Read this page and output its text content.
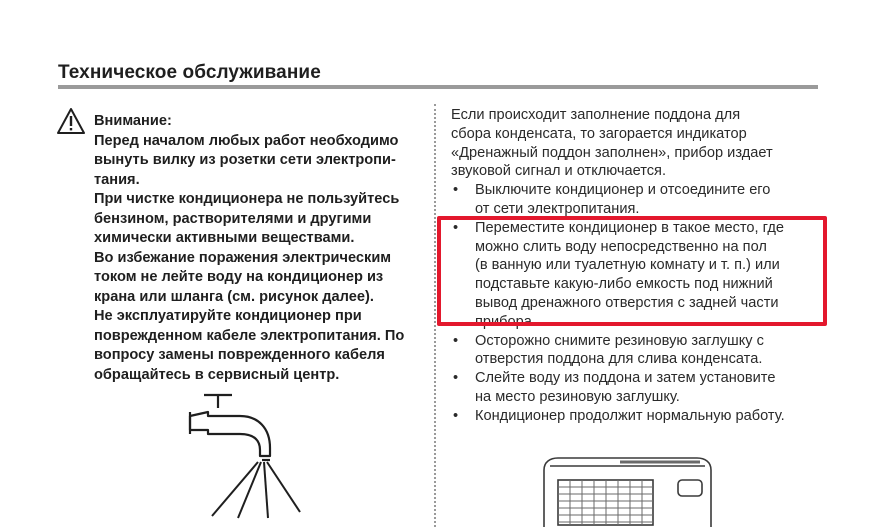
Техническое обслуживание
Внимание:
Перед началом любых работ необходимо
вынуть вилку из розетки сети электропи-
тания.
При чистке кондиционера не пользуйтесь
бензином, растворителями и другими
химически активными веществами.
Во избежание поражения электрическим
током не лейте воду на кондиционер из
крана или шланга (см. рисунок далее).
Не эксплуатируйте кондиционер при
поврежденном кабеле электропитания. По
вопросу замены поврежденного кабеля
обращайтесь в сервисный центр.
Если происходит заполнение поддона для
сбора конденсата, то загорается индикатор
«Дренажный поддон заполнен», прибор издает
звуковой сигнал и отключается.
• Выключите кондиционер и отсоедините его
от сети электропитания.
• Переместите кондиционер в такое место, где
можно слить воду непосредственно на пол
(в ванную или туалетную комнату и т. п.) или
подставьте какую-либо емкость под нижний
вывод дренажного отверстия с задней части
прибора.
• Осторожно снимите резиновую заглушку с
отверстия поддона для слива конденсата.
• Слейте воду из поддона и затем установите
на место резиновую заглушку.
• Кондиционер продолжит нормальную работу.
